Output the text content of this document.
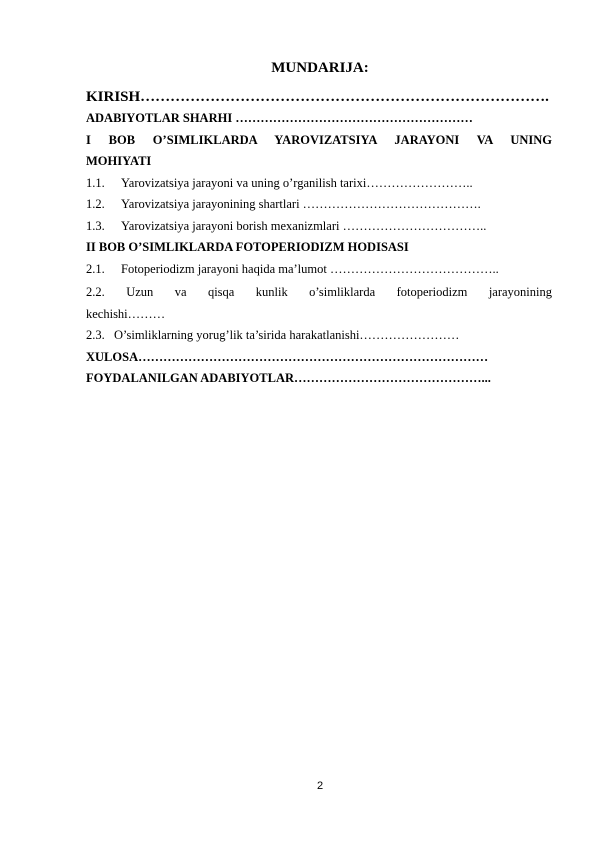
MUNDARIJA:
KIRISH……………………………………………………………………….
ADABIYOTLAR SHARHI …………………………………………………
I BOB O’SIMLIKLARDA YAROVIZATSIYA JARAYONI VA UNING
MOHIYATI
1.1. Yarovizatsiya jarayoni va uning o’rganilish tarixi……………………..
1.2. Yarovizatsiya jarayonining shartlari …………………………………….
1.3. Yarovizatsiya jarayoni borish mexanizmlari ……………………………..
II BOB O’SIMLIKLARDA FOTOPERIODIZM HODISASI
2.1. Fotoperiodizm jarayoni haqida ma’lumot …………………………………..
2.2. Uzun va qisqa kunlik o’simliklarda fotoperiodizm jarayonining
kechishi………
2.3. O’simliklarning yorug’lik ta’sirida harakatlanishi……………………
XULOSA…………………………………………………………………………
FOYDALANILGAN ADABIYOTLAR………………………………………...
2
